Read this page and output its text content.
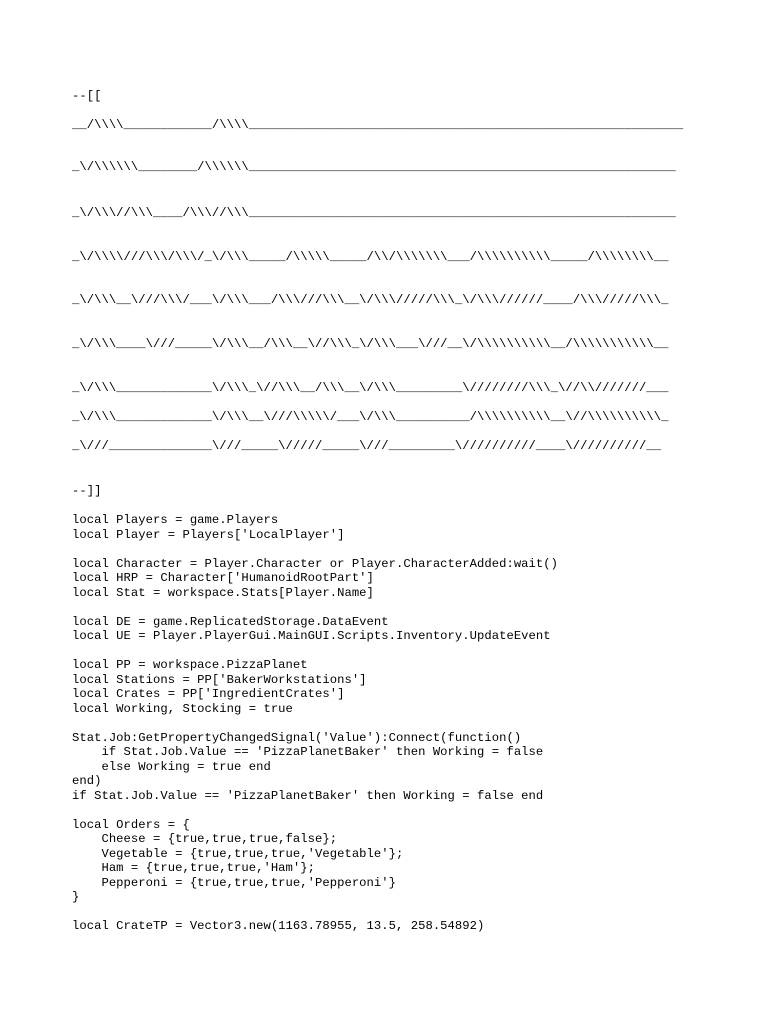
--[[
__/\\\\____________/\\\\___________________________________________________________
_\/\\\\\\________/\\\\\\__________________________________________________________
_\/\\\//\\\____/\\\//\\\__________________________________________________________
_\/\\\\///\\\/\\\/_\/\\\_____/\\\\\_____/\\/\\\\\\\___/\\\\\\\\\\_____/\\\\\\\\__
_\/\\\__\///\\\/___\/\\\___/\\\///\\\__\/\\\/////\\\_\/\\\//////____/\\\/////\\\_
_\/\\\____\///_____\/\\\__/\\\__\//\\\_\/\\\___\///__\/\\\\\\\\\\__/\\\\\\\\\\\__
_\/\\\_____________\/\\\_\//\\\__/\\\__\/\\\_________\////////\\\_\//\\///////___
_\/\\\_____________\/\\\__\///\\\\\/___\/\\\__________/\\\\\\\\\\__\//\\\\\\\\\\_
_\///______________\///_____\/////_____\///_________\//////////____\//////////__
--]]
local Players = game.Players
local Player = Players['LocalPlayer']
local Character = Player.Character or Player.CharacterAdded:wait()
local HRP = Character['HumanoidRootPart']
local Stat = workspace.Stats[Player.Name]
local DE = game.ReplicatedStorage.DataEvent
local UE = Player.PlayerGui.MainGUI.Scripts.Inventory.UpdateEvent
local PP = workspace.PizzaPlanet
local Stations = PP['BakerWorkstations']
local Crates = PP['IngredientCrates']
local Working, Stocking = true
Stat.Job:GetPropertyChangedSignal('Value'):Connect(function()
if Stat.Job.Value == 'PizzaPlanetBaker' then Working = false
else Working = true end
end)
if Stat.Job.Value == 'PizzaPlanetBaker' then Working = false end
local Orders = {
Cheese = {true,true,true,false};
Vegetable = {true,true,true,'Vegetable'};
Ham = {true,true,true,'Ham'};
Pepperoni = {true,true,true,'Pepperoni'}
}
local CrateTP = Vector3.new(1163.78955, 13.5, 258.54892)
